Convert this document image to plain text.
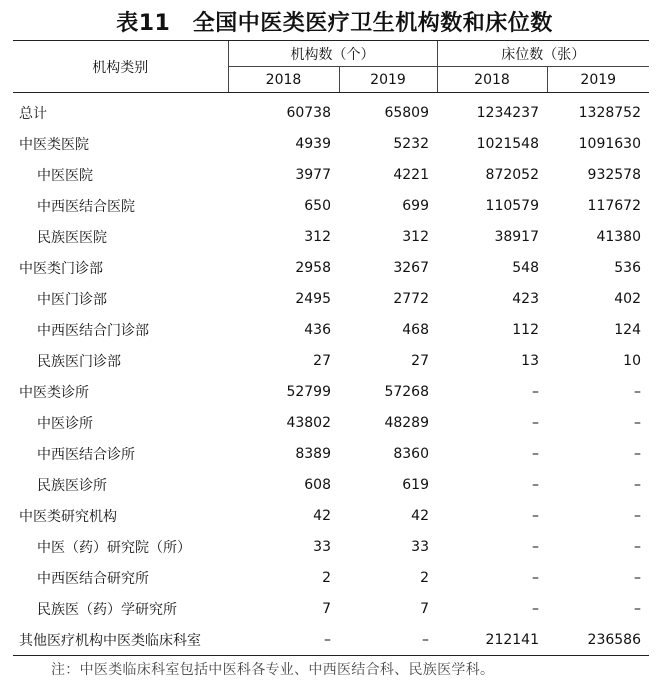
表11　全国中医类医疗卫生机构数和床位数
机构类别	机构数（个）		床位数（张）	
	2018	2019	2018	2019
总计	60738	65809	1234237	1328752
中医类医院	4939	5232	1021548	1091630
中医医院	3977	4221	872052	932578
中西医结合医院	650	699	110579	117672
民族医医院	312	312	38917	41380
中医类门诊部	2958	3267	548	536
中医门诊部	2495	2772	423	402
中西医结合门诊部	436	468	112	124
民族医门诊部	27	27	13	10
中医类诊所	52799	57268	–	–
中医诊所	43802	48289	–	–
中西医结合诊所	8389	8360	–	–
民族医诊所	608	619	–	–
中医类研究机构	42	42	–	–
中医（药）研究院（所）	33	33	–	–
中西医结合研究所	2	2	–	–
民族医（药）学研究所	7	7	–	–
其他医疗机构中医类临床科室	–	–	212141	236586
注：中医类临床科室包括中医科各专业、中西医结合科、民族医学科。
